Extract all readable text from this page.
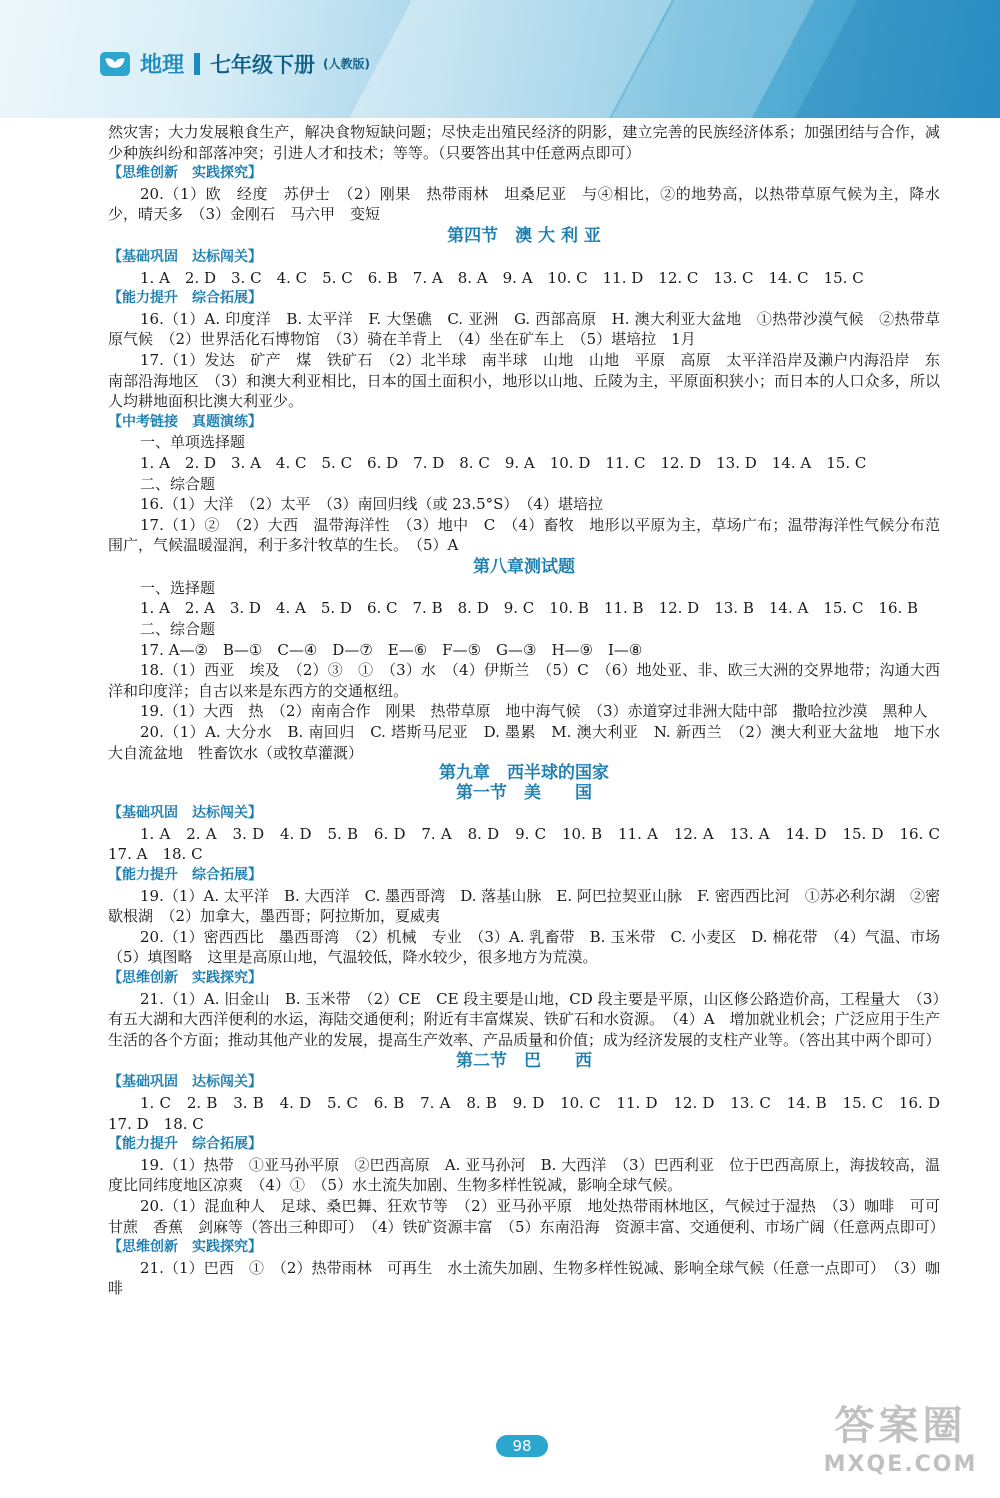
地理 七年级下册 (人教版)

然灾害；大力发展粮食生产，解决食物短缺问题；尽快走出殖民经济的阴影，建立完善的民族经济体系；加强团结与合作，减少种族纠纷和部落冲突；引进人才和技术；等等。（只要答出其中任意两点即可）

【思维创新　实践探究】

20.（1）欧　经度　苏伊士　（2）刚果　热带雨林　坦桑尼亚　与④相比，②的地势高，以热带草原气候为主，降水少，晴天多　（3）金刚石　马六甲　变短

第四节　澳 大 利 亚

【基础巩固　达标闯关】

1. A　2. D　3. C　4. C　5. C　6. B　7. A　8. A　9. A　10. C　11. D　12. C　13. C　14. C　15. C

【能力提升　综合拓展】

16.（1）A. 印度洋　B. 太平洋　F. 大堡礁　C. 亚洲　G. 西部高原　H. 澳大利亚大盆地　①热带沙漠气候　②热带草原气候　（2）世界活化石博物馆　（3）骑在羊背上　（4）坐在矿车上　（5）堪培拉　1月

17.（1）发达　矿产　煤　铁矿石　（2）北半球　南半球　山地　山地　平原　高原　太平洋沿岸及濑户内海沿岸　东南部沿海地区　（3）和澳大利亚相比，日本的国土面积小，地形以山地、丘陵为主，平原面积狭小；而日本的人口众多，所以人均耕地面积比澳大利亚少。

【中考链接　真题演练】

一、单项选择题

1. A　2. D　3. A　4. C　5. C　6. D　7. D　8. C　9. A　10. D　11. C　12. D　13. D　14. A　15. C

二、综合题

16.（1）大洋　（2）太平　（3）南回归线（或 23.5°S）　（4）堪培拉

17.（1）②　（2）大西　温带海洋性　（3）地中　C　（4）畜牧　地形以平原为主，草场广布；温带海洋性气候分布范围广，气候温暖湿润，利于多汁牧草的生长。　（5）A

第八章测试题

一、选择题

1. A　2. A　3. D　4. A　5. D　6. C　7. B　8. D　9. C　10. B　11. B　12. D　13. B　14. A　15. C　16. B

二、综合题

17. A—②　B—①　C—④　D—⑦　E—⑥　F—⑤　G—③　H—⑨　I—⑧

18.（1）西亚　埃及　（2）③　①　（3）水　（4）伊斯兰　（5）C　（6）地处亚、非、欧三大洲的交界地带；沟通大西洋和印度洋；自古以来是东西方的交通枢纽。

19.（1）大西　热　（2）南南合作　刚果　热带草原　地中海气候　（3）赤道穿过非洲大陆中部　撒哈拉沙漠　黑种人

20.（1）A. 大分水　B. 南回归　C. 塔斯马尼亚　D. 墨累　M. 澳大利亚　N. 新西兰　（2）澳大利亚大盆地　地下水　大自流盆地　牲畜饮水（或牧草灌溉）

第九章　西半球的国家

第一节　美　　国

【基础巩固　达标闯关】

1. A　2. A　3. D　4. D　5. B　6. D　7. A　8. D　9. C　10. B　11. A　12. A　13. A　14. D　15. D　16. C　17. A　18. C

【能力提升　综合拓展】

19.（1）A. 太平洋　B. 大西洋　C. 墨西哥湾　D. 落基山脉　E. 阿巴拉契亚山脉　F. 密西西比河　①苏必利尔湖　②密歇根湖　（2）加拿大，墨西哥；阿拉斯加，夏威夷

20.（1）密西西比　墨西哥湾　（2）机械　专业　（3）A. 乳畜带　B. 玉米带　C. 小麦区　D. 棉花带　（4）气温、市场　（5）填图略　这里是高原山地，气温较低，降水较少，很多地方为荒漠。

【思维创新　实践探究】

21.（1）A. 旧金山　B. 玉米带　（2）CE　CE 段主要是山地，CD 段主要是平原，山区修公路造价高，工程量大　（3）有五大湖和大西洋便利的水运，海陆交通便利；附近有丰富煤炭、铁矿石和水资源。　（4）A　增加就业机会；广泛应用于生产生活的各个方面；推动其他产业的发展，提高生产效率、产品质量和价值；成为经济发展的支柱产业等。（答出其中两个即可）

第二节　巴　　西

【基础巩固　达标闯关】

1. C　2. B　3. B　4. D　5. C　6. B　7. A　8. B　9. D　10. C　11. D　12. D　13. C　14. B　15. C　16. D　17. D　18. C

【能力提升　综合拓展】

19.（1）热带　①亚马孙平原　②巴西高原　A. 亚马孙河　B. 大西洋　（3）巴西利亚　位于巴西高原上，海拔较高，温度比同纬度地区凉爽　（4）①　（5）水土流失加剧、生物多样性锐减，影响全球气候。

20.（1）混血种人　足球、桑巴舞、狂欢节等　（2）亚马孙平原　地处热带雨林地区，气候过于湿热　（3）咖啡　可可　甘蔗　香蕉　剑麻等（答出三种即可）　（4）铁矿资源丰富　（5）东南沿海　资源丰富、交通便利、市场广阔（任意两点即可）

【思维创新　实践探究】

21.（1）巴西　①　（2）热带雨林　可再生　水土流失加剧、生物多样性锐减、影响全球气候（任意一点即可）　（3）咖啡

98	答案圈
MXQE.COM
